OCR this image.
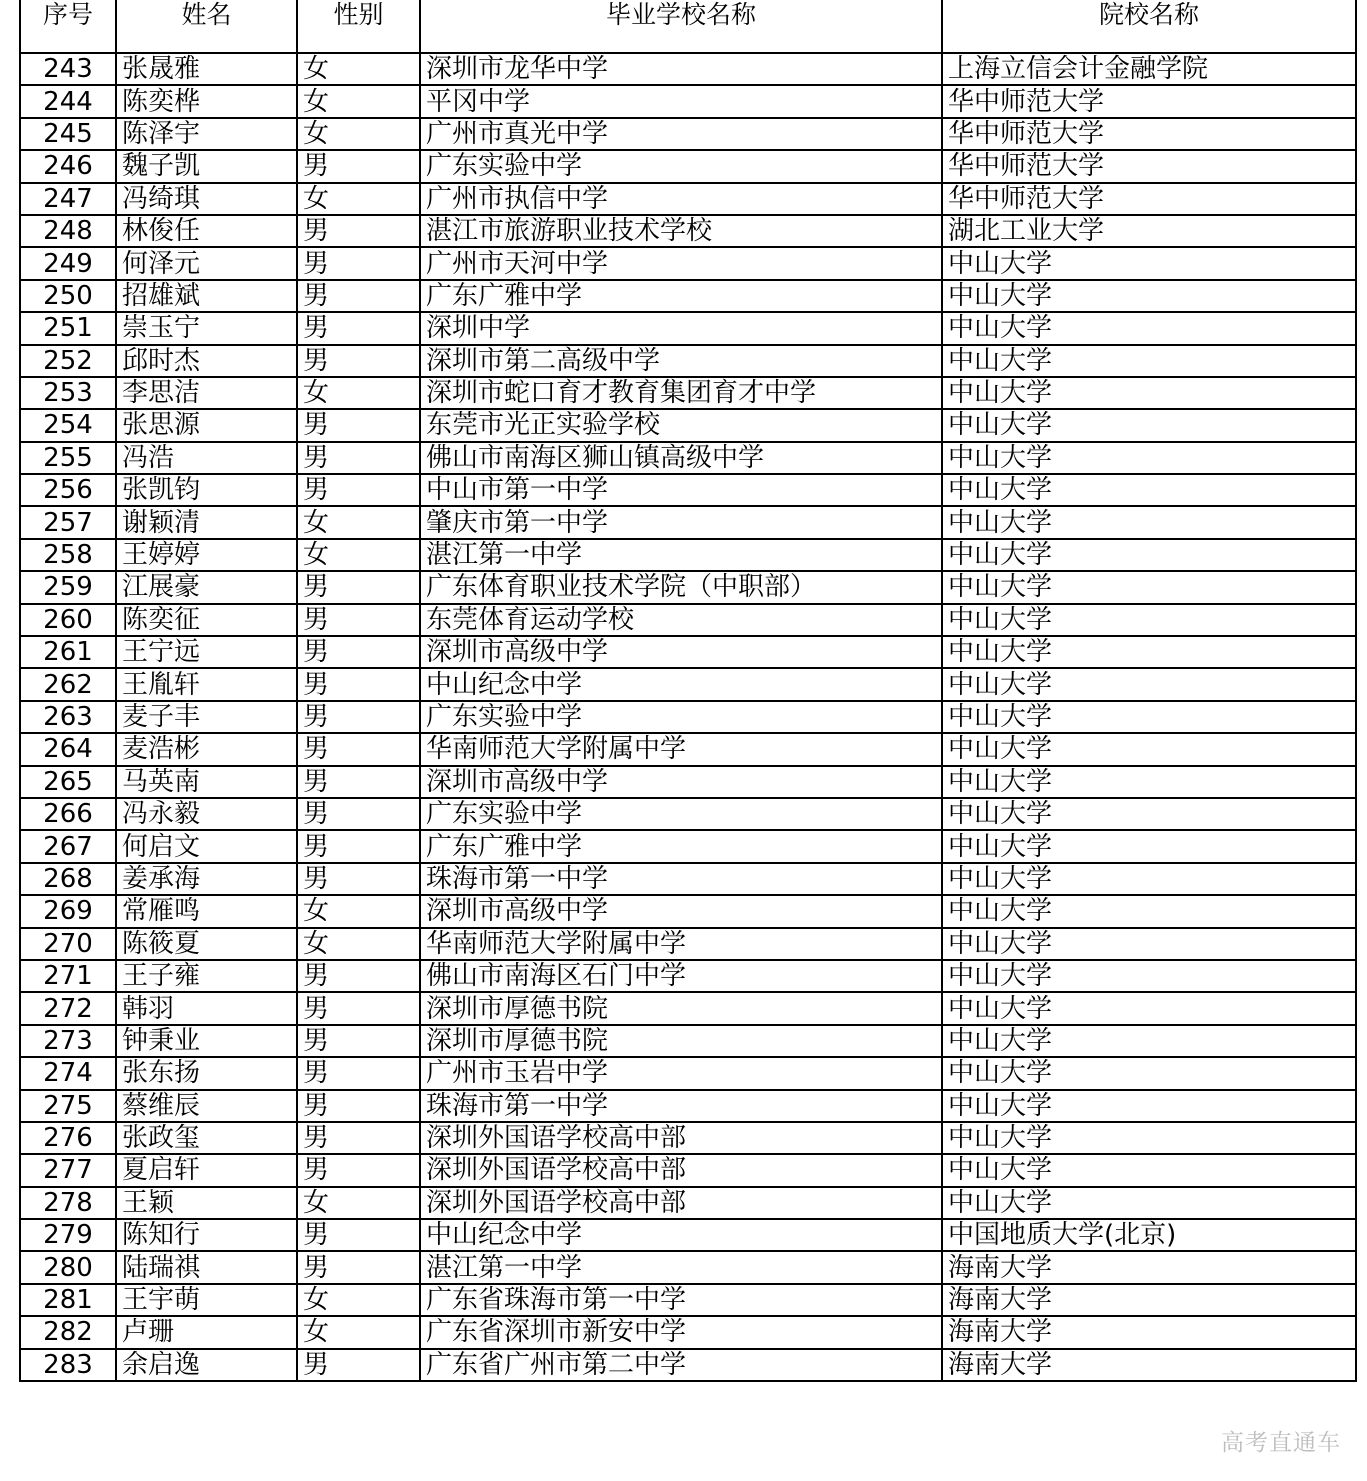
序号	姓名	性别	毕业学校名称	院校名称
243	张晟雅	女	深圳市龙华中学	上海立信会计金融学院
244	陈奕桦	女	平冈中学	华中师范大学
245	陈泽宇	女	广州市真光中学	华中师范大学
246	魏子凯	男	广东实验中学	华中师范大学
247	冯绮琪	女	广州市执信中学	华中师范大学
248	林俊任	男	湛江市旅游职业技术学校	湖北工业大学
249	何泽元	男	广州市天河中学	中山大学
250	招雄斌	男	广东广雅中学	中山大学
251	崇玉宁	男	深圳中学	中山大学
252	邱时杰	男	深圳市第二高级中学	中山大学
253	李思洁	女	深圳市蛇口育才教育集团育才中学	中山大学
254	张思源	男	东莞市光正实验学校	中山大学
255	冯浩	男	佛山市南海区狮山镇高级中学	中山大学
256	张凯钧	男	中山市第一中学	中山大学
257	谢颖清	女	肇庆市第一中学	中山大学
258	王婷婷	女	湛江第一中学	中山大学
259	江展豪	男	广东体育职业技术学院（中职部）	中山大学
260	陈奕征	男	东莞体育运动学校	中山大学
261	王宁远	男	深圳市高级中学	中山大学
262	王胤轩	男	中山纪念中学	中山大学
263	麦子丰	男	广东实验中学	中山大学
264	麦浩彬	男	华南师范大学附属中学	中山大学
265	马英南	男	深圳市高级中学	中山大学
266	冯永毅	男	广东实验中学	中山大学
267	何启文	男	广东广雅中学	中山大学
268	姜承海	男	珠海市第一中学	中山大学
269	常雁鸣	女	深圳市高级中学	中山大学
270	陈筱夏	女	华南师范大学附属中学	中山大学
271	王子雍	男	佛山市南海区石门中学	中山大学
272	韩羽	男	深圳市厚德书院	中山大学
273	钟秉业	男	深圳市厚德书院	中山大学
274	张东扬	男	广州市玉岩中学	中山大学
275	蔡维辰	男	珠海市第一中学	中山大学
276	张政玺	男	深圳外国语学校高中部	中山大学
277	夏启轩	男	深圳外国语学校高中部	中山大学
278	王颖	女	深圳外国语学校高中部	中山大学
279	陈知行	男	中山纪念中学	中国地质大学(北京)
280	陆瑞祺	男	湛江第一中学	海南大学
281	王宇萌	女	广东省珠海市第一中学	海南大学
282	卢珊	女	广东省深圳市新安中学	海南大学
283	余启逸	男	广东省广州市第二中学	海南大学
高考直通车
